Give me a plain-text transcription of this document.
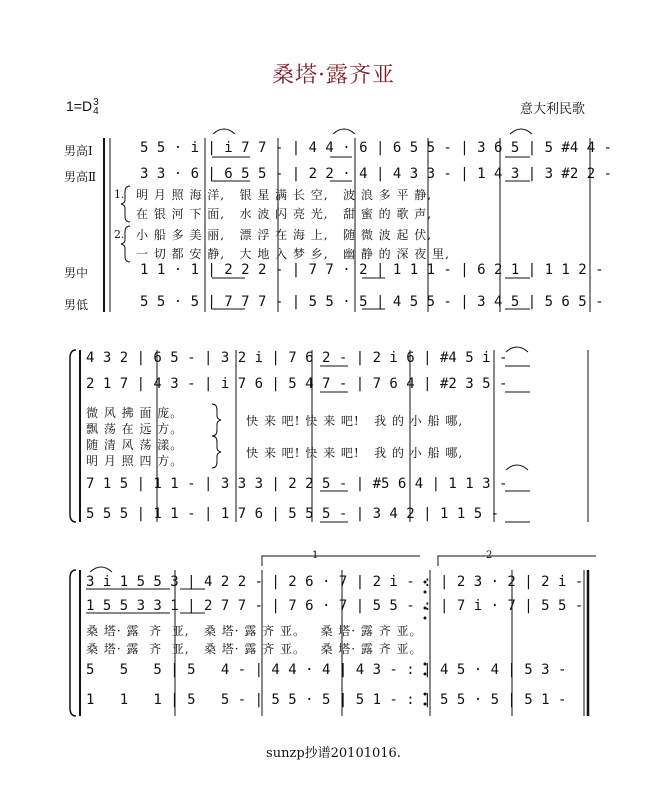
桑塔·露齐亚
1=D3
4	意大利民歌
男高Ⅰ
男高Ⅱ
男中
男低
5 5 · i | i 7 7 - | 4 4 · 6 | 6 5 5 - | 3 6 5 | 5 #4 4 -
3 3 · 6 | 6 5 5 - | 2 2 · 4 | 4 3 3 - | 1 4 3 | 3 #2 2 -
1. 明 月 照 海 洋,   银 星 满 长 空,   波 浪 多 平 静,
在 银 河 下 面,   水 波 闪 亮 光,   甜 蜜 的 歌 声,
2. 小 船 多 美 丽,   漂 浮 在 海 上,   随 微 波 起 伏,
一 切 都 安 静,   大 地 入 梦 乡,   幽 静 的 深 夜 里,
1 1 · 1 | 2 2 2 - | 7 7 · 2 | 1 1 1 - | 6 2 1 | 1 1 2 -
5 5 · 5 | 7 7 7 - | 5 5 · 5 | 4 5 5 - | 3 4 5 | 5 6 5 -
4 3 2 | 6 5 - | 3 2 i | 7 6 2 - | 2 i 6 | #4 5 i -
2 1 7 | 4 3 - | i 7 6 | 5 4 7 - | 7 6 4 | #2 3 5 -
微 风 拂 面 庞。
飘 荡 在 远 方。
随 清 风 荡 漾。
明 月 照 四 方。
快 来 吧! 快 来 吧!   我 的 小 船 哪,
快 来 吧! 快 来 吧!   我 的 小 船 哪,
7 1 5 | 1 1 - | 3 3 3 | 2 2 5 - | #5 6 4 | 1 1 3 -
5 5 5 | 1 1 - | 1 7 6 | 5 5 5 - | 3 4 2 | 1 1 5 -
1	2
3 i 1 5 5 3 | 4 2 2 - | 2 6 · 7 | 2 i - : | 2 3 · 2 | 2 i -
1 5 5 3 3 1 | 2 7 7 - | 7 6 · 7 | 5 5 - : | 7 i · 7 | 5 5 -
桑 塔· 露  齐  亚,   桑 塔· 露 齐 亚。   桑 塔· 露 齐 亚。
桑 塔· 露  齐  亚,   桑 塔· 露 齐 亚。   桑 塔· 露 齐 亚。
5   5   5 | 5   4 - | 4 4 · 4 | 4 3 - : | 4 5 · 4 | 5 3 -
1   1   1 | 5   5 - | 5 5 · 5 | 5 1 - : | 5 5 · 5 | 5 1 -
sunzp抄谱20101016.
